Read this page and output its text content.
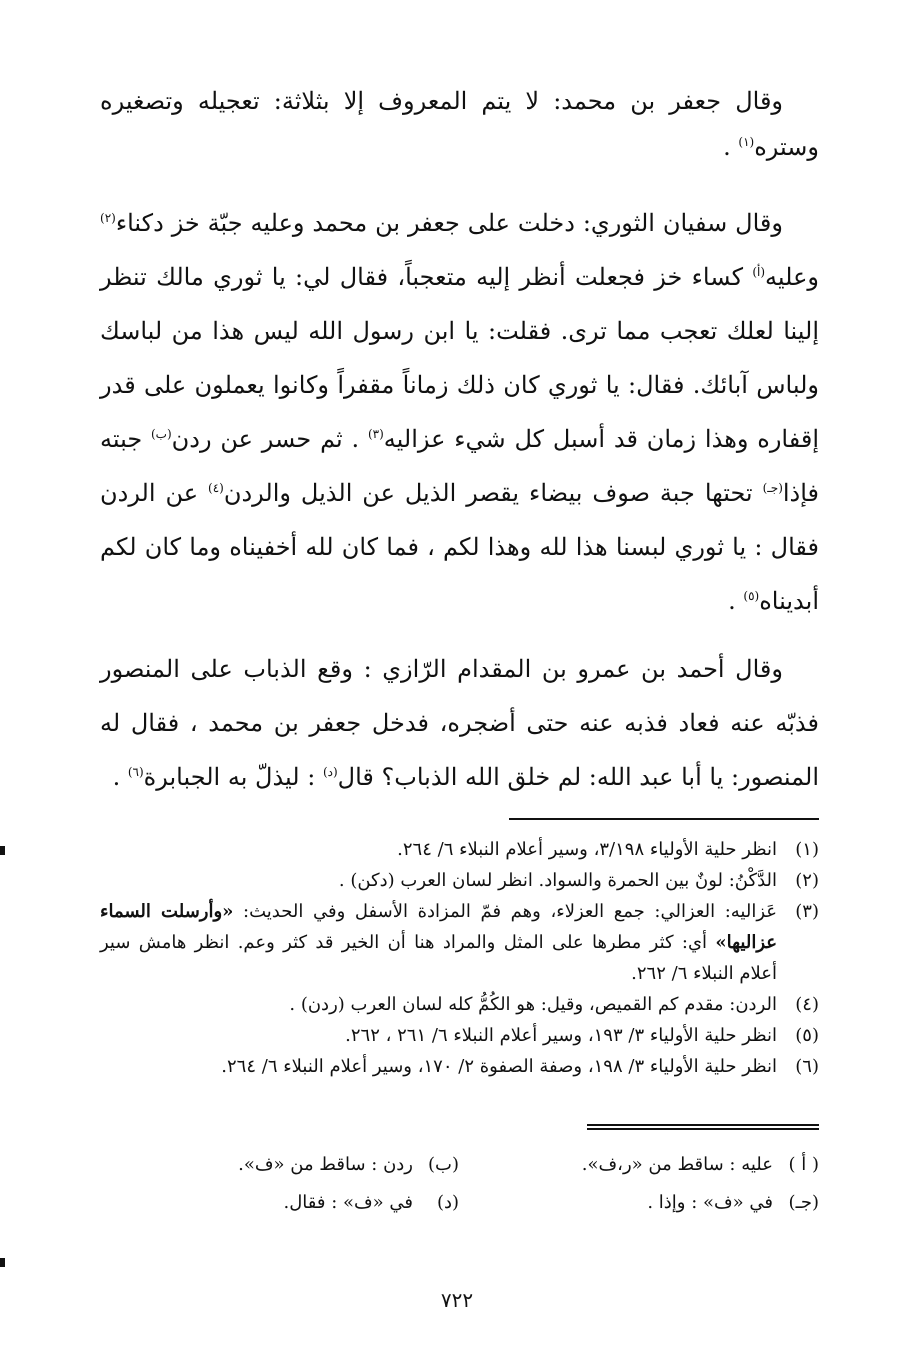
وقال جعفر بن محمد: لا يتم المعروف إلا بثلاثة: تعجيله وتصغيره وستره$^{(١)}$ .

وقال سفيان الثوري: دخلت على جعفر بن محمد وعليه جبّة خز دكناء$^{(٢)}$ وعليه$^{(أ)}$ كساء خز فجعلت أنظر إليه متعجباً، فقال لي: يا ثوري مالك تنظر إلينا لعلك تعجب مما ترى. فقلت: يا ابن رسول الله ليس هذا من لباسك ولباس آبائك. فقال: يا ثوري كان ذلك زماناً مقفراً وكانوا يعملون على قدر إقفاره وهذا زمان قد أسبل كل شيء عزاليه$^{(٣)}$ . ثم حسر عن ردن$^{(ب)}$ جبته فإذا$^{(جـ)}$ تحتها جبة صوف بيضاء يقصر الذيل عن الذيل والردن$^{(٤)}$ عن الردن فقال : يا ثوري لبسنا هذا لله وهذا لكم ، فما كان لله أخفيناه وما كان لكم أبديناه$^{(٥)}$ .

وقال أحمد بن عمرو بن المقدام الرّازي : وقع الذباب على المنصور فذبّه عنه فعاد فذبه عنه حتى أضجره، فدخل جعفر بن محمد ، فقال له المنصور: يا أبا عبد الله: لم خلق الله الذباب؟ قال$^{(د)}$ : ليذلّ به الجبابرة$^{(٦)}$ .

(١)
انظر حلية الأولياء ٣/١٩٨، وسير أعلام النبلاء ٦/ ٢٦٤.
(٢)
الدَّكْنُ: لونٌ بين الحمرة والسواد. انظر لسان العرب (دكن) .
(٣)
عَزاليه: العزالي: جمع العزلاء، وهم فمّ المزادة الأسفل وفي الحديث: «وأرسلت السماء عزاليها» أي: كثر مطرها على المثل والمراد هنا أن الخير قد كثر وعم. انظر هامش سير أعلام النبلاء ٦/ ٢٦٢.
(٤)
الردن: مقدم كم القميص، وقيل: هو الكُمُّ كله لسان العرب (ردن) .
(٥)
انظر حلية الأولياء ٣/ ١٩٣، وسير أعلام النبلاء ٦/ ٢٦١ ، ٢٦٢.
(٦)
انظر حلية الأولياء ٣/ ١٩٨، وصفة الصفوة ٢/ ١٧٠، وسير أعلام النبلاء ٦/ ٢٦٤.
( أ )
عليه : ساقط من «ر،ف».
(ب)
ردن : ساقط من «ف».
(جـ)
في «ف» : وإذا .
(د)
في «ف» : فقال.
٧٢٢
